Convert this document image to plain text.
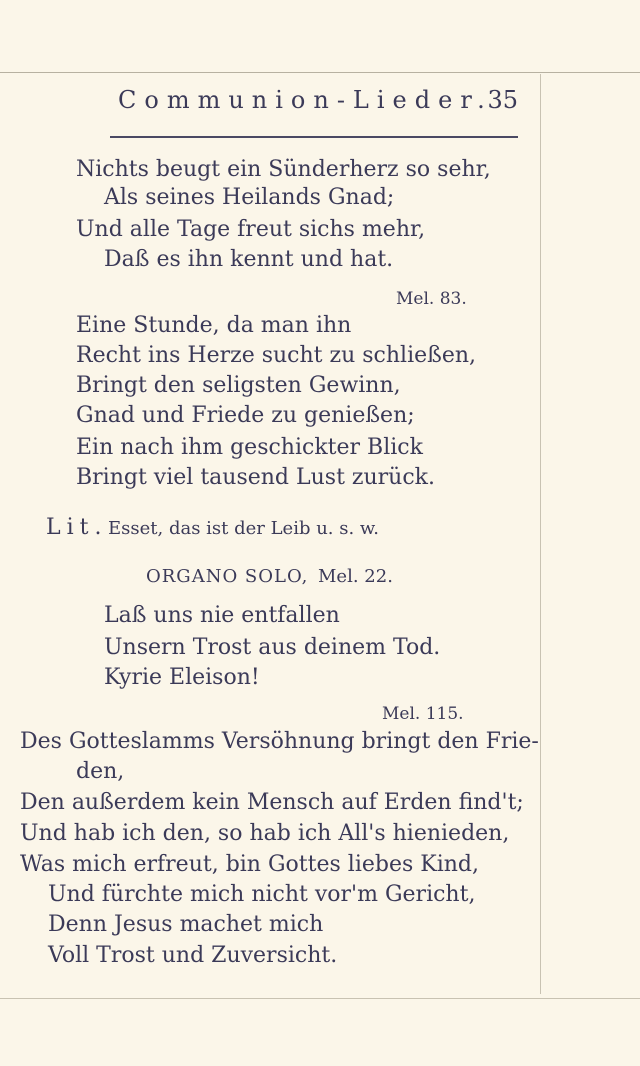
Communion-Lieder.
35
Nichts beugt ein Sünderherz so sehr,
Als seines Heilands Gnad;
Und alle Tage freut sichs mehr,
Daß es ihn kennt und hat.
Mel. 83.
Eine Stunde, da man ihn
Recht ins Herze sucht zu schließen,
Bringt den seligsten Gewinn,
Gnad und Friede zu genießen;
Ein nach ihm geschickter Blick
Bringt viel tausend Lust zurück.
Lit. Esset, das ist der Leib u. s. w.
ORGANO SOLO, Mel. 22.
Laß uns nie entfallen
Unsern Trost aus deinem Tod.
Kyrie Eleison!
Mel. 115.
Des Gotteslamms Versöhnung bringt den Frie-
den,
Den außerdem kein Mensch auf Erden find't;
Und hab ich den, so hab ich All's hienieden,
Was mich erfreut, bin Gottes liebes Kind,
Und fürchte mich nicht vor'm Gericht,
Denn Jesus machet mich
Voll Trost und Zuversicht.
